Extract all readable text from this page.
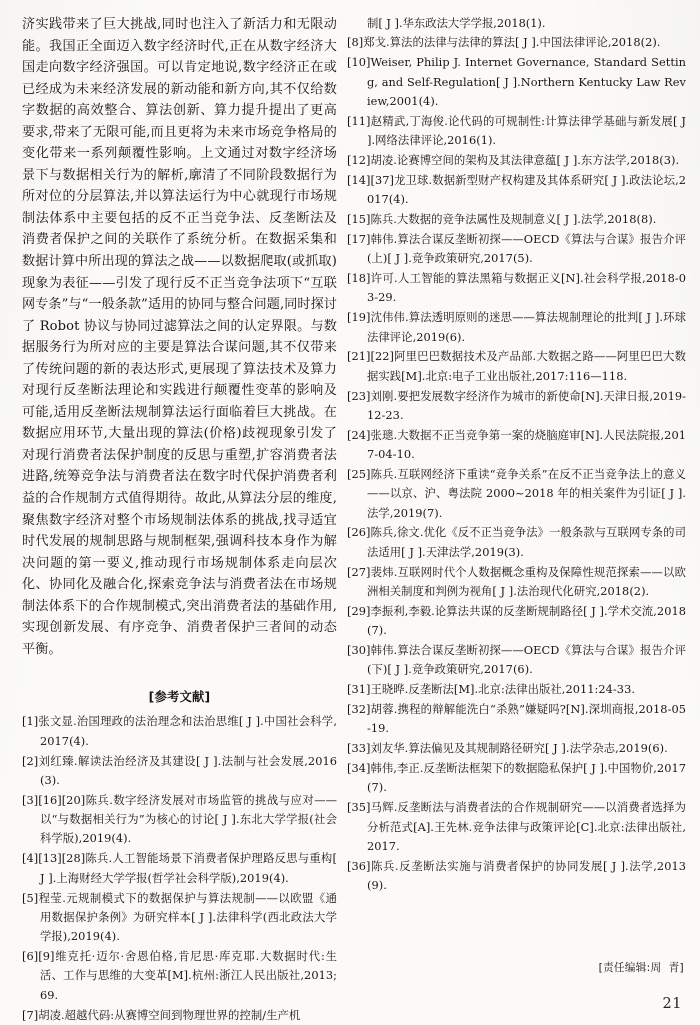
济实践带来了巨大挑战,同时也注入了新活力和无限动能。我国正全面迈入数字经济时代,正在从数字经济大国走向数字经济强国。可以肯定地说,数字经济正在或已经成为未来经济发展的新动能和新方向,其不仅给数字数据的高效整合、算法创新、算力提升提出了更高要求,带来了无限可能,而且更将为未来市场竞争格局的变化带来一系列颠覆性影响。上文通过对数字经济场景下与数据相关行为的解析,廓清了不同阶段数据行为所对位的分层算法,并以算法运行为中心就现行市场规制法体系中主要包括的反不正当竞争法、反垄断法及消费者保护之间的关联作了系统分析。在数据采集和数据计算中所出现的算法之战——以数据爬取(或抓取)现象为表征——引发了现行反不正当竞争法项下“互联网专条”与“一般条款”适用的协同与整合问题,同时探讨了 Robot 协议与协同过滤算法之间的认定界限。与数据服务行为所对应的主要是算法合谋问题,其不仅带来了传统问题的新的表达形式,更展现了算法技术及算力对现行反垄断法理论和实践进行颠覆性变革的影响及可能,适用反垄断法规制算法运行面临着巨大挑战。在数据应用环节,大量出现的算法(价格)歧视现象引发了对现行消费者法保护制度的反思与重塑,扩容消费者法进路,统筹竞争法与消费者法在数字时代保护消费者利益的合作规制方式值得期待。故此,从算法分层的维度,聚焦数字经济对整个市场规制法体系的挑战,找寻适宜时代发展的规制思路与规制框架,强调科技本身作为解决问题的第一要义,推动现行市场规制体系走向层次化、协同化及融合化,探索竞争法与消费者法在市场规制法体系下的合作规制模式,突出消费者法的基础作用,实现创新发展、有序竞争、消费者保护三者间的动态平衡。

[参考文献]
[1]张文显.治国理政的法治理念和法治思维[ J ].中国社会科学,2017(4).
[2]刘红臻.解读法治经济及其建设[ J ].法制与社会发展,2016(3).
[3][16][20]陈兵.数字经济发展对市场监管的挑战与应对——以“与数据相关行为”为核心的讨论[ J ].东北大学学报(社会科学版),2019(4).
[4][13][28]陈兵.人工智能场景下消费者保护理路反思与重构[ J ].上海财经大学学报(哲学社会科学版),2019(4).
[5]程莹.元规制模式下的数据保护与算法规制——以欧盟《通用数据保护条例》为研究样本[ J ].法律科学(西北政法大学学报),2019(4).
[6][9]维克托·迈尔·舍恩伯格,肯尼思·库克耶.大数据时代:生活、工作与思维的大变革[M].杭州:浙江人民出版社,2013;69.
[7]胡凌.超越代码:从赛博空间到物理世界的控制/生产机
制[ J ].华东政法大学学报,2018(1).
[8]郑戈.算法的法律与法律的算法[ J ].中国法律评论,2018(2).
[10]Weiser, Philip J. Internet Governance, Standard Setting, and Self-Regulation[ J ].Northern Kentucky Law Review,2001(4).
[11]赵精武,丁海俊.论代码的可规制性:计算法律学基础与新发展[ J ].网络法律评论,2016(1).
[12]胡凌.论赛博空间的架构及其法律意蕴[ J ].东方法学,2018(3).
[14][37]龙卫球.数据新型财产权构建及其体系研究[ J ].政法论坛,2017(4).
[15]陈兵.大数据的竞争法属性及规制意义[ J ].法学,2018(8).
[17]韩伟.算法合谋反垄断初探——OECD《算法与合谋》报告介评(上)[ J ].竞争政策研究,2017(5).
[18]许可.人工智能的算法黑箱与数据正义[N].社会科学报,2018-03-29.
[19]沈伟伟.算法透明原则的迷思——算法规制理论的批判[ J ].环球法律评论,2019(6).
[21][22]阿里巴巴数据技术及产品部.大数据之路——阿里巴巴大数据实践[M].北京:电子工业出版社,2017:116—118.
[23]刘刚.要把发展数字经济作为城市的新使命[N].天津日报,2019-12-23.
[24]张璁.大数据不正当竞争第一案的烧脑庭审[N].人民法院报,2017-04-10.
[25]陈兵.互联网经济下重读“竞争关系”在反不正当竞争法上的意义——以京、沪、粤法院 2000~2018 年的相关案件为引证[ J ].法学,2019(7).
[26]陈兵,徐文.优化《反不正当竞争法》一般条款与互联网专条的司法适用[ J ].天津法学,2019(3).
[27]裴炜.互联网时代个人数据概念重构及保障性规范探索——以欧洲相关制度和判例为视角[ J ].法治现代化研究,2018(2).
[29]李振利,李毅.论算法共谋的反垄断规制路径[ J ].学术交流,2018(7).
[30]韩伟.算法合谋反垄断初探——OECD《算法与合谋》报告介评(下)[ J ].竞争政策研究,2017(6).
[31]王晓晔.反垄断法[M].北京:法律出版社,2011:24-33.
[32]胡蓉.携程的辩解能洗白“杀熟”嫌疑吗?[N].深圳商报,2018-05-19.
[33]刘友华.算法偏见及其规制路径研究[ J ].法学杂志,2019(6).
[34]韩伟,李正.反垄断法框架下的数据隐私保护[ J ].中国物价,2017(7).
[35]马辉.反垄断法与消费者法的合作规制研究——以消费者选择为分析范式[A].王先林.竞争法律与政策评论[C].北京:法律出版社,2017.
[36]陈兵.反垄断法实施与消费者保护的协同发展[ J ].法学,2013(9).
[责任编辑:周  青]
21
